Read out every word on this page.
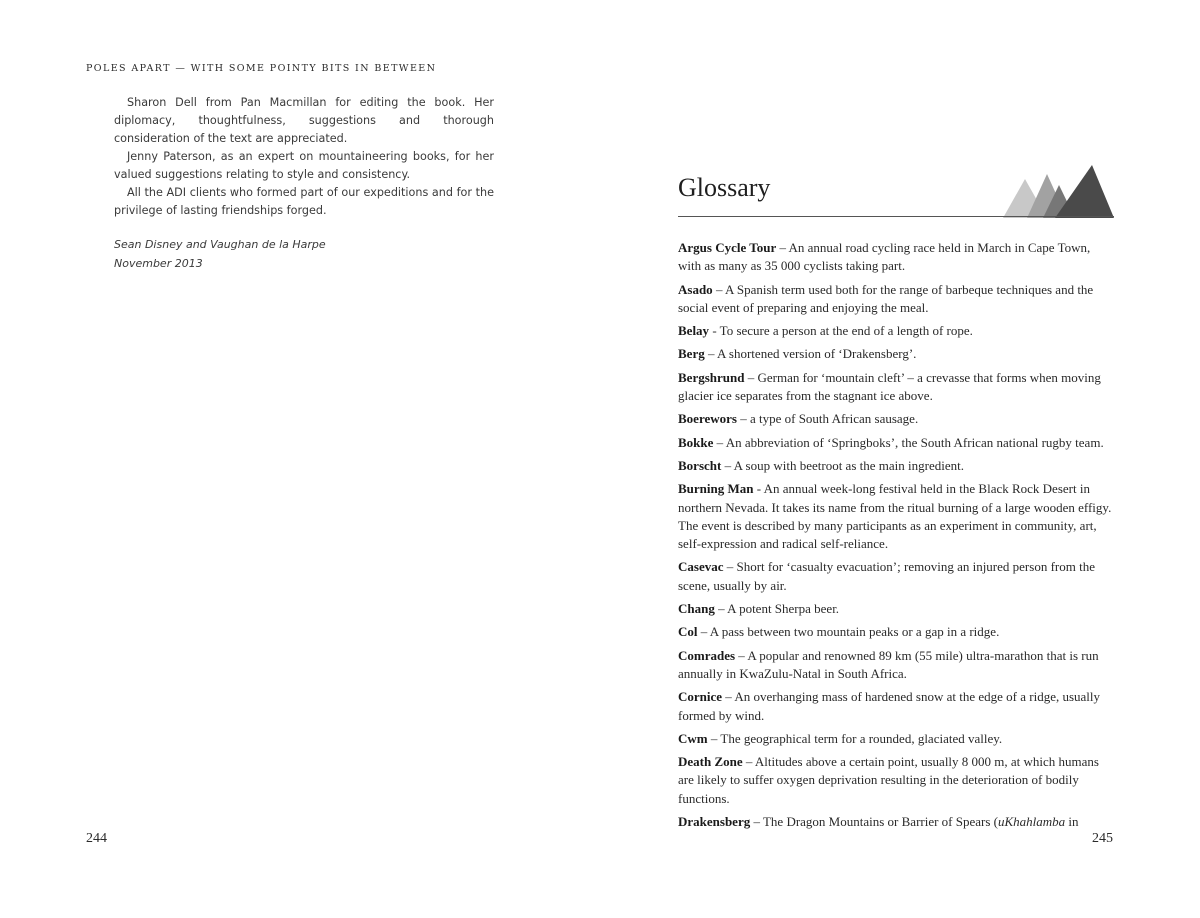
POLES APART — WITH SOME POINTY BITS IN BETWEEN

Sharon Dell from Pan Macmillan for editing the book. Her diplomacy, thoughtfulness, suggestions and thorough consideration of the text are appreciated.

Jenny Paterson, as an expert on mountaineering books, for her valued suggestions relating to style and consistency.

All the ADI clients who formed part of our expeditions and for the privilege of lasting friendships forged.

Sean Disney and Vaughan de la Harpe
November 2013
244
Glossary
Argus Cycle Tour – An annual road cycling race held in March in Cape Town, with as many as 35 000 cyclists taking part.
Asado – A Spanish term used both for the range of barbeque techniques and the social event of preparing and enjoying the meal.
Belay - To secure a person at the end of a length of rope.
Berg – A shortened version of ‘Drakensberg’.
Bergshrund – German for ‘mountain cleft’ – a crevasse that forms when moving glacier ice separates from the stagnant ice above.
Boerewors – a type of South African sausage.
Bokke – An abbreviation of ‘Springboks’, the South African national rugby team.
Borscht – A soup with beetroot as the main ingredient.
Burning Man - An annual week-long festival held in the Black Rock Desert in northern Nevada. It takes its name from the ritual burning of a large wooden effigy. The event is described by many participants as an experiment in community, art, self-expression and radical self-reliance.
Casevac – Short for ‘casualty evacuation’; removing an injured person from the scene, usually by air.
Chang – A potent Sherpa beer.
Col – A pass between two mountain peaks or a gap in a ridge.
Comrades – A popular and renowned 89 km (55 mile) ultra-marathon that is run annually in KwaZulu-Natal in South Africa.
Cornice – An overhanging mass of hardened snow at the edge of a ridge, usually formed by wind.
Cwm – The geographical term for a rounded, glaciated valley.
Death Zone – Altitudes above a certain point, usually 8 000 m, at which humans are likely to suffer oxygen deprivation resulting in the deterioration of bodily functions.
Drakensberg – The Dragon Mountains or Barrier of Spears (uKhahlamba in
245
